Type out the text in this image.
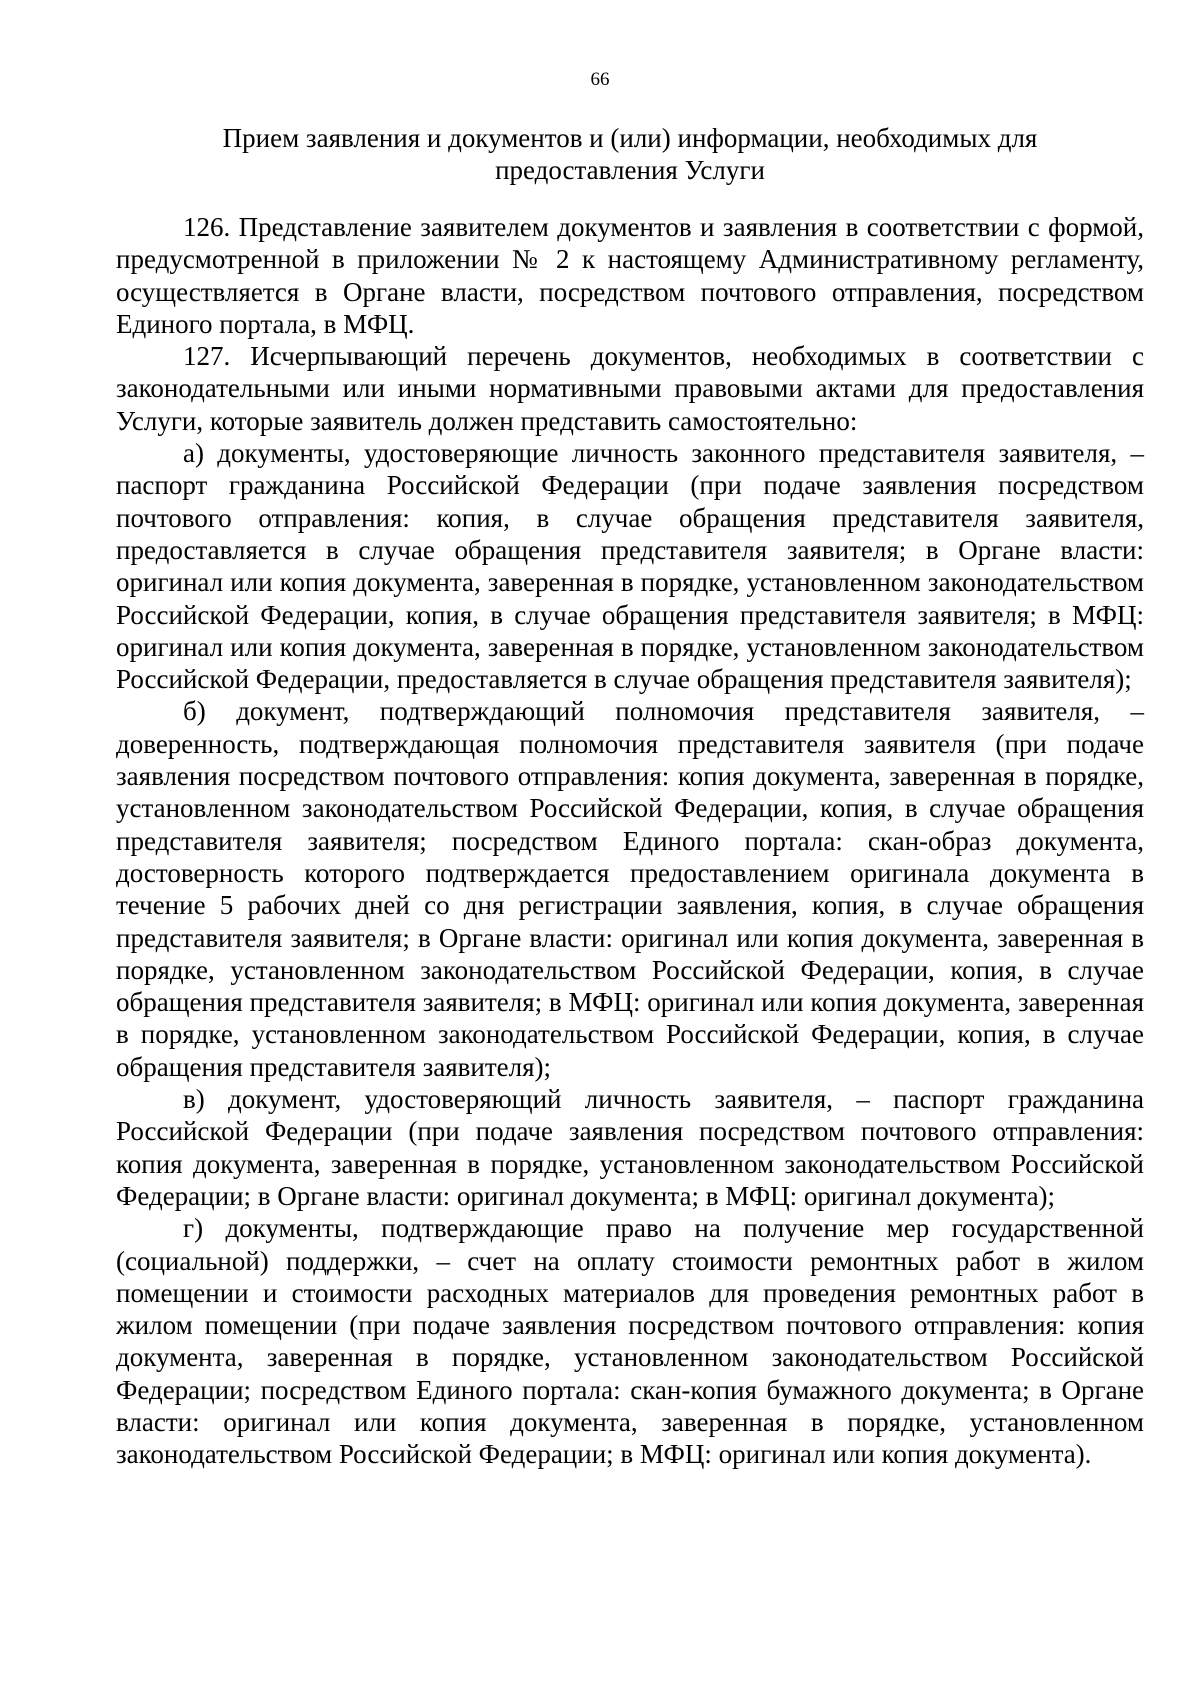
66
Прием заявления и документов и (или) информации, необходимых для предоставления Услуги

126. Представление заявителем документов и заявления в соответствии с формой, предусмотренной в приложении № 2 к настоящему Административному регламенту, осуществляется в Органе власти, посредством почтового отправления, посредством Единого портала, в МФЦ.

127. Исчерпывающий перечень документов, необходимых в соответствии с законодательными или иными нормативными правовыми актами для предоставления Услуги, которые заявитель должен представить самостоятельно:

а) документы, удостоверяющие личность законного представителя заявителя, – паспорт гражданина Российской Федерации (при подаче заявления посредством почтового отправления: копия, в случае обращения представителя заявителя, предоставляется в случае обращения представителя заявителя; в Органе власти: оригинал или копия документа, заверенная в порядке, установленном законодательством Российской Федерации, копия, в случае обращения представителя заявителя; в МФЦ: оригинал или копия документа, заверенная в порядке, установленном законодательством Российской Федерации, предоставляется в случае обращения представителя заявителя);

б) документ, подтверждающий полномочия представителя заявителя, – доверенность, подтверждающая полномочия представителя заявителя (при подаче заявления посредством почтового отправления: копия документа, заверенная в порядке, установленном законодательством Российской Федерации, копия, в случае обращения представителя заявителя; посредством Единого портала: скан-образ документа, достоверность которого подтверждается предоставлением оригинала документа в течение 5 рабочих дней со дня регистрации заявления, копия, в случае обращения представителя заявителя; в Органе власти: оригинал или копия документа, заверенная в порядке, установленном законодательством Российской Федерации, копия, в случае обращения представителя заявителя; в МФЦ: оригинал или копия документа, заверенная в порядке, установленном законодательством Российской Федерации, копия, в случае обращения представителя заявителя);

в) документ, удостоверяющий личность заявителя, – паспорт гражданина Российской Федерации (при подаче заявления посредством почтового отправления: копия документа, заверенная в порядке, установленном законодательством Российской Федерации; в Органе власти: оригинал документа; в МФЦ: оригинал документа);

г) документы, подтверждающие право на получение мер государственной (социальной) поддержки, – счет на оплату стоимости ремонтных работ в жилом помещении и стоимости расходных материалов для проведения ремонтных работ в жилом помещении (при подаче заявления посредством почтового отправления: копия документа, заверенная в порядке, установленном законодательством Российской Федерации; посредством Единого портала: скан-копия бумажного документа; в Органе власти: оригинал или копия документа, заверенная в порядке, установленном законодательством Российской Федерации; в МФЦ: оригинал или копия документа).
